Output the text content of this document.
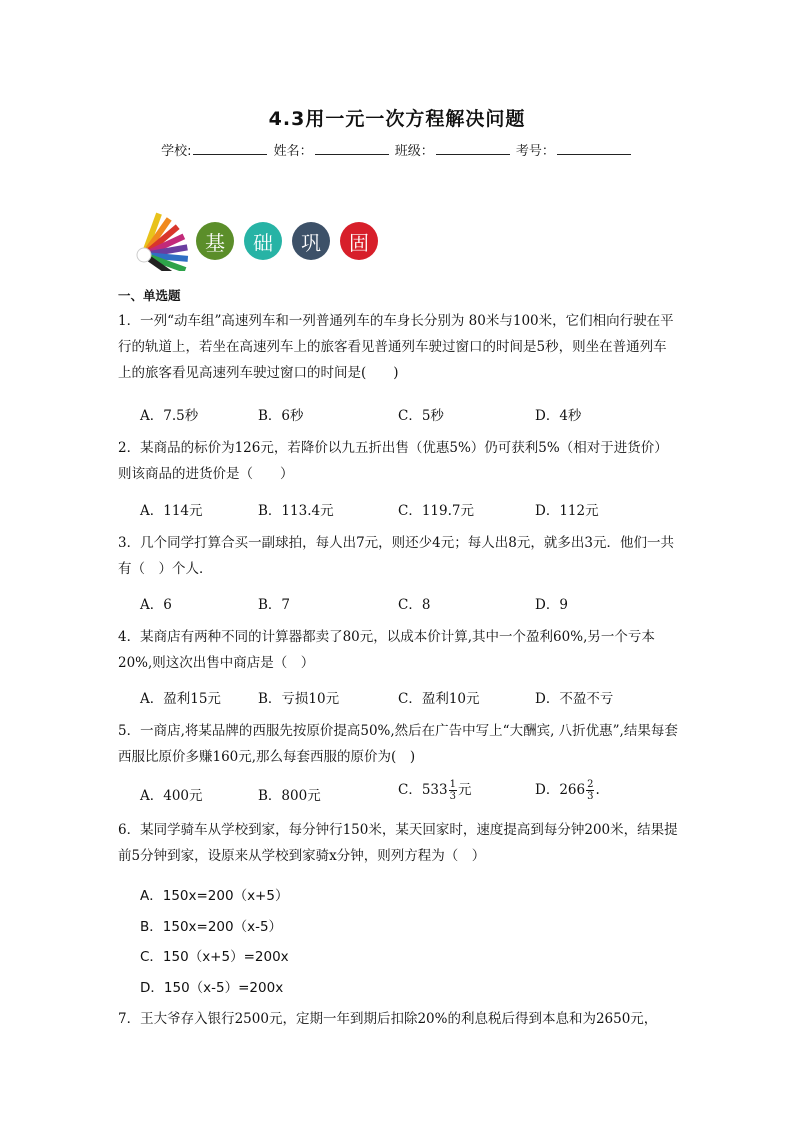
4.3用一元一次方程解决问题
学校:	姓名：	班级：	考号：
基	础	巩	固
一、单选题
1．一列“动车组”高速列车和一列普通列车的车身长分别为 80米与100米，它们相向行驶在平行的轨道上，若坐在高速列车上的旅客看见普通列车驶过窗口的时间是5秒，则坐在普通列车上的旅客看见高速列车驶过窗口的时间是(　　)
A．7.5秒	B．6秒	C．5秒	D．4秒
2．某商品的标价为126元，若降价以九五折出售（优惠5%）仍可获利5%（相对于进货价）则该商品的进货价是（　　）
A．114元	B．113.4元	C．119.7元	D．112元
3．几个同学打算合买一副球拍，每人出7元，则还少4元；每人出8元，就多出3元．他们一共有（　）个人．
A．6	B．7	C．8	D．9
4．某商店有两种不同的计算器都卖了80元，以成本价计算,其中一个盈利60%,另一个亏本20%,则这次出售中商店是（　）
A．盈利15元	B．亏损10元	C．盈利10元	D．不盈不亏
5．一商店,将某品牌的西服先按原价提高50%,然后在广告中写上“大酬宾, 八折优惠”,结果每套西服比原价多赚160元,那么每套西服的原价为(　)
A．400元	B．800元	C．$533 \frac{1}{3}$ 元	D．$266 \frac{2}{3}$ .
6．某同学骑车从学校到家，每分钟行150米，某天回家时，速度提高到每分钟200米，结果提前5分钟到家，设原来从学校到家骑x分钟，则列方程为（　）
A．150x=200（x+5）
B．150x=200（x-5）
C．150（x+5）=200x
D．150（x-5）=200x
7．王大爷存入银行2500元，定期一年到期后扣除20%的利息税后得到本息和为2650元，
